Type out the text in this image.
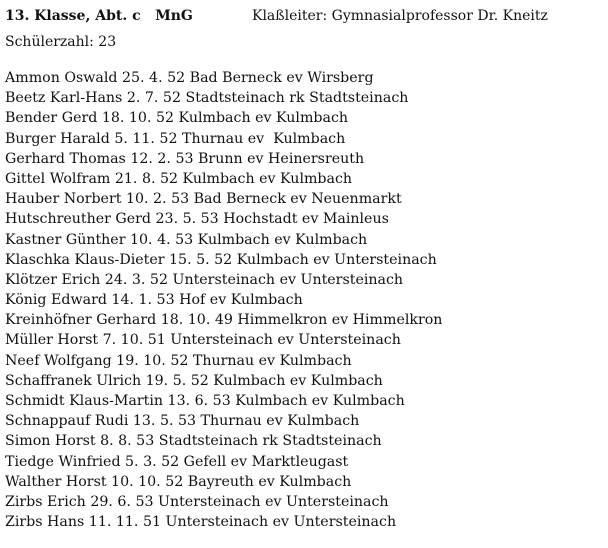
13. Klasse, Abt. c   MnG	Klaßleiter: Gymnasialprofessor Dr. Kneitz
Schülerzahl: 23
Ammon Oswald 25. 4. 52 Bad Berneck ev Wirsberg
Beetz Karl-Hans 2. 7. 52 Stadtsteinach rk Stadtsteinach
Bender Gerd 18. 10. 52 Kulmbach ev Kulmbach
Burger Harald 5. 11. 52 Thurnau ev  Kulmbach
Gerhard Thomas 12. 2. 53 Brunn ev Heinersreuth
Gittel Wolfram 21. 8. 52 Kulmbach ev Kulmbach
Hauber Norbert 10. 2. 53 Bad Berneck ev Neuenmarkt
Hutschreuther Gerd 23. 5. 53 Hochstadt ev Mainleus
Kastner Günther 10. 4. 53 Kulmbach ev Kulmbach
Klaschka Klaus-Dieter 15. 5. 52 Kulmbach ev Untersteinach
Klötzer Erich 24. 3. 52 Untersteinach ev Untersteinach
König Edward 14. 1. 53 Hof ev Kulmbach
Kreinhöfner Gerhard 18. 10. 49 Himmelkron ev Himmelkron
Müller Horst 7. 10. 51 Untersteinach ev Untersteinach
Neef Wolfgang 19. 10. 52 Thurnau ev Kulmbach
Schaffranek Ulrich 19. 5. 52 Kulmbach ev Kulmbach
Schmidt Klaus-Martin 13. 6. 53 Kulmbach ev Kulmbach
Schnappauf Rudi 13. 5. 53 Thurnau ev Kulmbach
Simon Horst 8. 8. 53 Stadtsteinach rk Stadtsteinach
Tiedge Winfried 5. 3. 52 Gefell ev Marktleugast
Walther Horst 10. 10. 52 Bayreuth ev Kulmbach
Zirbs Erich 29. 6. 53 Untersteinach ev Untersteinach
Zirbs Hans 11. 11. 51 Untersteinach ev Untersteinach
